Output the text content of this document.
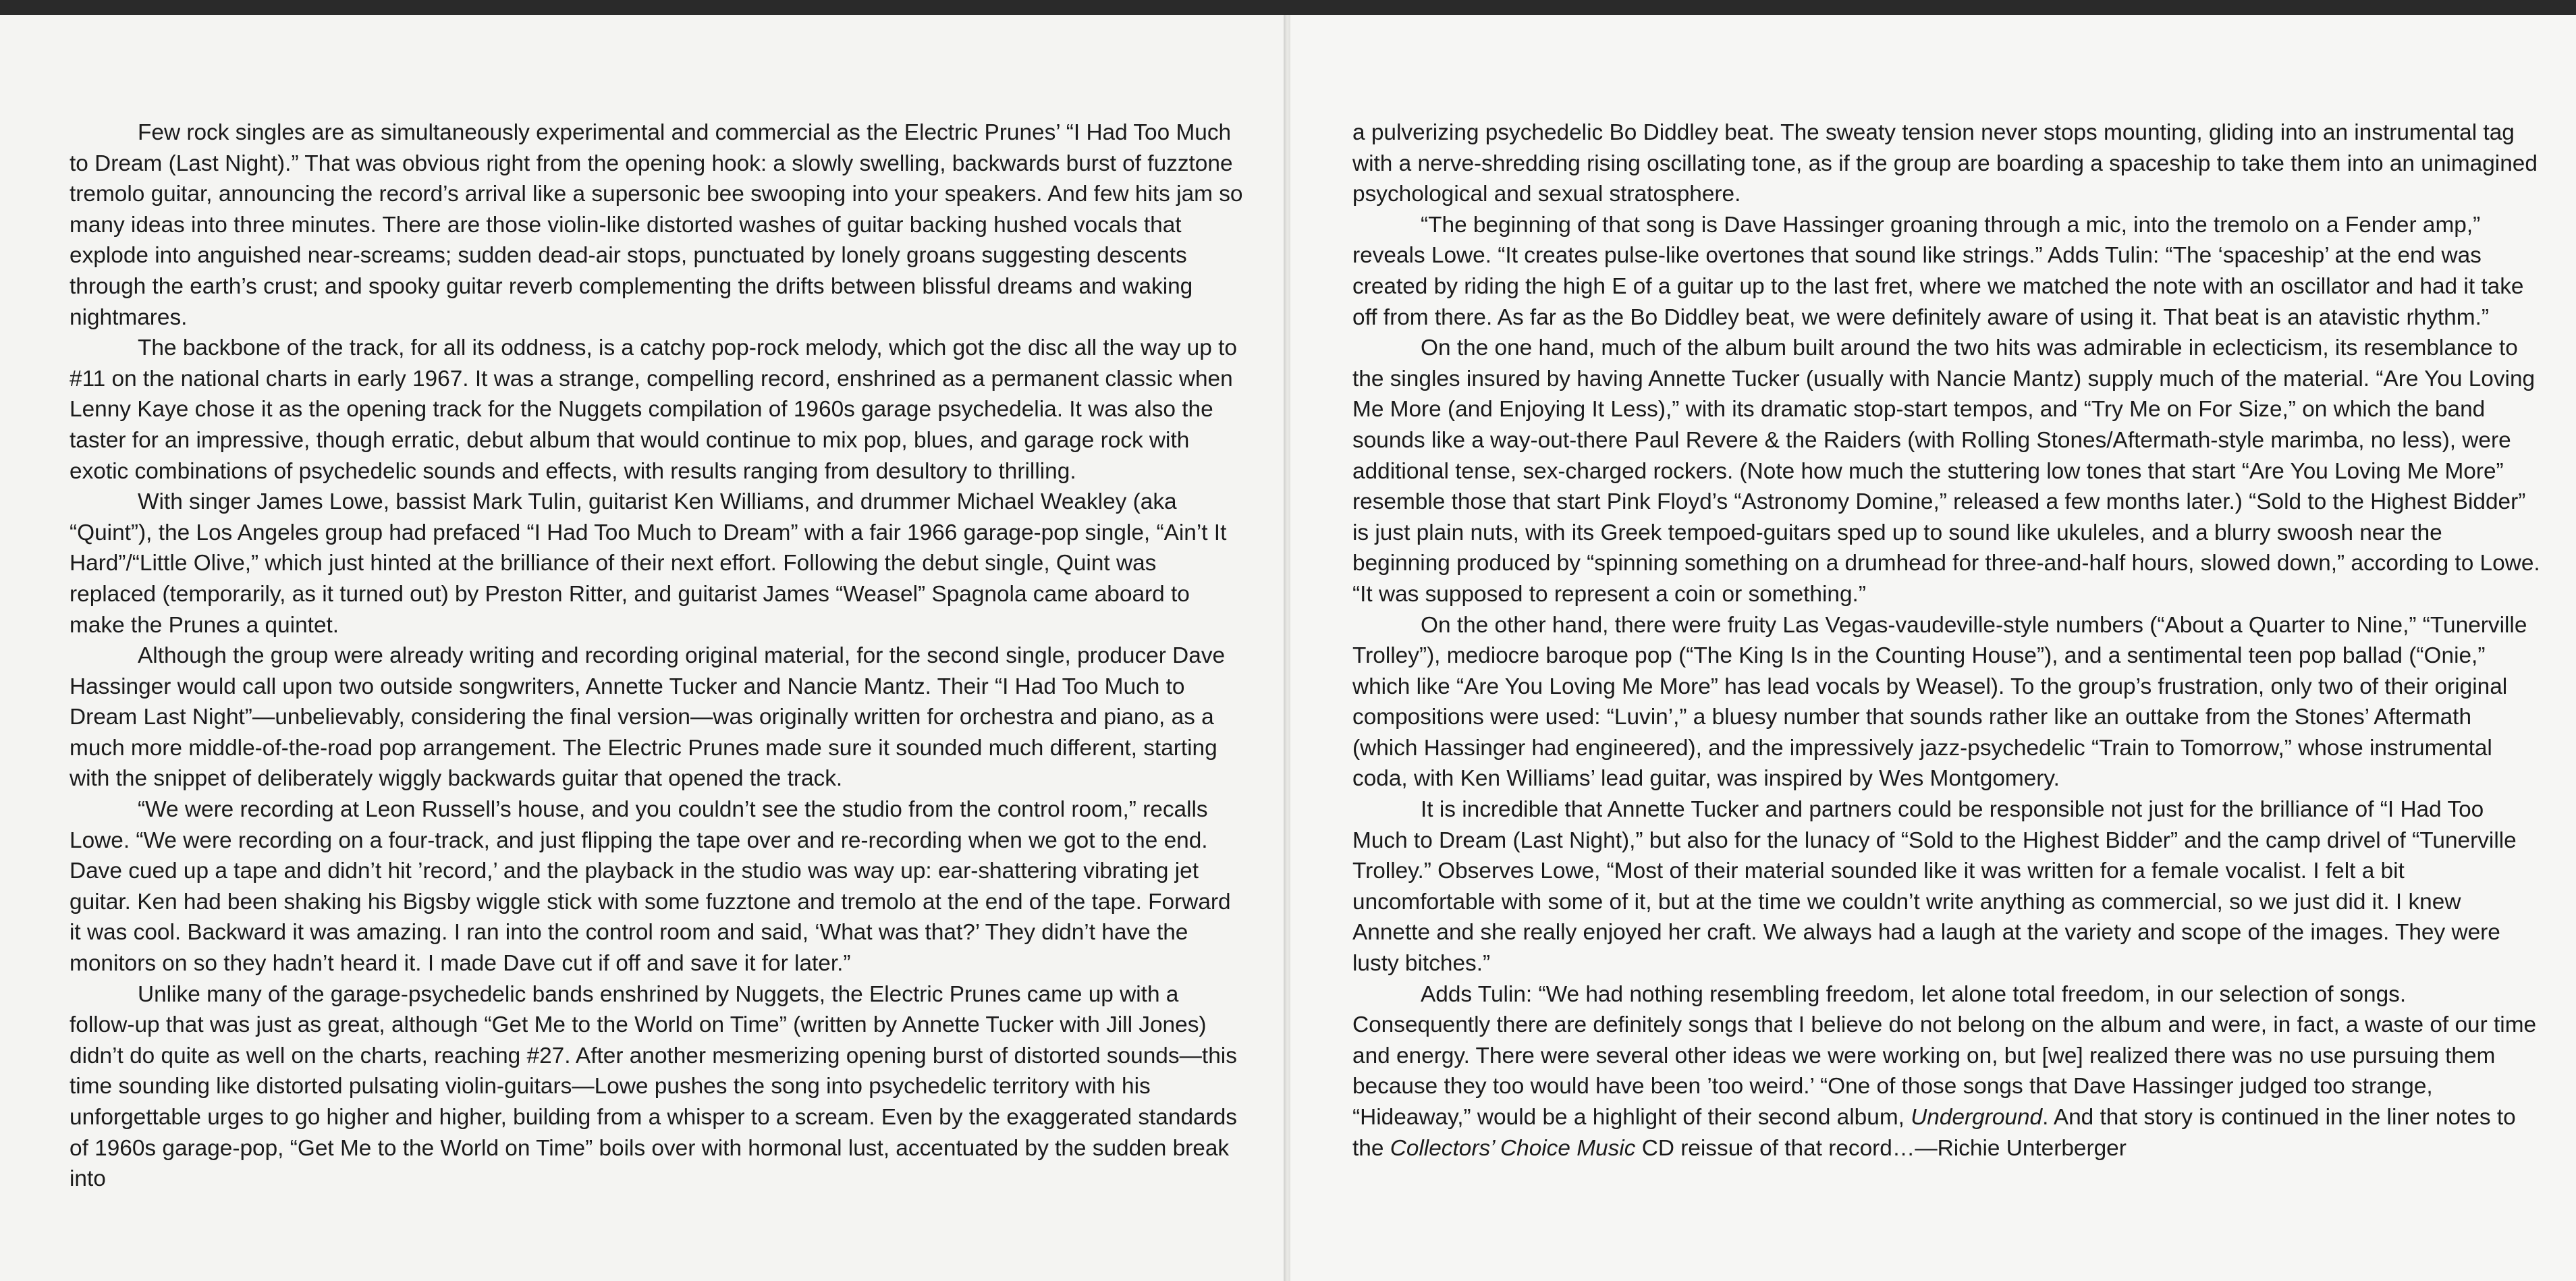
Few rock singles are as simultaneously experimental and commercial as the Electric Prunes’ “I Had Too Much to Dream (Last Night).” That was obvious right from the opening hook: a slowly swelling, backwards burst of fuzztone tremolo guitar, announcing the record’s arrival like a supersonic bee swooping into your speakers. And few hits jam so many ideas into three minutes. There are those violin-like distorted washes of guitar backing hushed vocals that explode into anguished near-screams; sudden dead-air stops, punctuated by lonely groans suggesting descents through the earth’s crust; and spooky guitar reverb complementing the drifts between blissful dreams and waking nightmares.

The backbone of the track, for all its oddness, is a catchy pop-rock melody, which got the disc all the way up to #11 on the national charts in early 1967. It was a strange, compelling record, enshrined as a permanent classic when Lenny Kaye chose it as the opening track for the Nuggets compilation of 1960s garage psychedelia. It was also the taster for an impressive, though erratic, debut album that would continue to mix pop, blues, and garage rock with exotic combinations of psychedelic sounds and effects, with results ranging from desultory to thrilling.

With singer James Lowe, bassist Mark Tulin, guitarist Ken Williams, and drummer Michael Weakley (aka “Quint”), the Los Angeles group had prefaced “I Had Too Much to Dream” with a fair 1966 garage-pop single, “Ain’t It Hard”/“Little Olive,” which just hinted at the brilliance of their next effort. Following the debut single, Quint was replaced (temporarily, as it turned out) by Preston Ritter, and guitarist James “Weasel” Spagnola came aboard to make the Prunes a quintet.

Although the group were already writing and recording original material, for the second single, producer Dave Hassinger would call upon two outside songwriters, Annette Tucker and Nancie Mantz. Their “I Had Too Much to Dream Last Night”—unbelievably, considering the final version—was originally written for orchestra and piano, as a much more middle-of-the-road pop arrangement. The Electric Prunes made sure it sounded much different, starting with the snippet of deliberately wiggly backwards guitar that opened the track.

“We were recording at Leon Russell’s house, and you couldn’t see the studio from the control room,” recalls Lowe. “We were recording on a four-track, and just flipping the tape over and re-recording when we got to the end. Dave cued up a tape and didn’t hit ’record,’ and the playback in the studio was way up: ear-shattering vibrating jet guitar. Ken had been shaking his Bigsby wiggle stick with some fuzztone and tremolo at the end of the tape. Forward it was cool. Backward it was amazing. I ran into the control room and said, ‘What was that?’ They didn’t have the monitors on so they hadn’t heard it. I made Dave cut if off and save it for later.”

Unlike many of the garage-psychedelic bands enshrined by Nuggets, the Electric Prunes came up with a follow-up that was just as great, although “Get Me to the World on Time” (written by Annette Tucker with Jill Jones) didn’t do quite as well on the charts, reaching #27. After another mesmerizing opening burst of distorted sounds—this time sounding like distorted pulsating violin-guitars—Lowe pushes the song into psychedelic territory with his unforgettable urges to go higher and higher, building from a whisper to a scream. Even by the exaggerated standards of 1960s garage-pop, “Get Me to the World on Time” boils over with hormonal lust, accentuated by the sudden break into

a pulverizing psychedelic Bo Diddley beat. The sweaty tension never stops mounting, gliding into an instrumental tag with a nerve-shredding rising oscillating tone, as if the group are boarding a spaceship to take them into an unimagined psychological and sexual stratosphere.

“The beginning of that song is Dave Hassinger groaning through a mic, into the tremolo on a Fender amp,” reveals Lowe. “It creates pulse-like overtones that sound like strings.” Adds Tulin: “The ‘spaceship’ at the end was created by riding the high E of a guitar up to the last fret, where we matched the note with an oscillator and had it take off from there. As far as the Bo Diddley beat, we were definitely aware of using it. That beat is an atavistic rhythm.”

On the one hand, much of the album built around the two hits was admirable in eclecticism, its resemblance to the singles insured by having Annette Tucker (usually with Nancie Mantz) supply much of the material. “Are You Loving Me More (and Enjoying It Less),” with its dramatic stop-start tempos, and “Try Me on For Size,” on which the band sounds like a way-out-there Paul Revere & the Raiders (with Rolling Stones/Aftermath-style marimba, no less), were additional tense, sex-charged rockers. (Note how much the stuttering low tones that start “Are You Loving Me More” resemble those that start Pink Floyd’s “Astronomy Domine,” released a few months later.) “Sold to the Highest Bidder” is just plain nuts, with its Greek tempoed-guitars sped up to sound like ukuleles, and a blurry swoosh near the beginning produced by “spinning something on a drumhead for three-and-half hours, slowed down,” according to Lowe. “It was supposed to represent a coin or something.”

On the other hand, there were fruity Las Vegas-vaudeville-style numbers (“About a Quarter to Nine,” “Tunerville Trolley”), mediocre baroque pop (“The King Is in the Counting House”), and a sentimental teen pop ballad (“Onie,” which like “Are You Loving Me More” has lead vocals by Weasel). To the group’s frustration, only two of their original compositions were used: “Luvin’,” a bluesy number that sounds rather like an outtake from the Stones’ Aftermath (which Hassinger had engineered), and the impressively jazz-psychedelic “Train to Tomorrow,” whose instrumental coda, with Ken Williams’ lead guitar, was inspired by Wes Montgomery.

It is incredible that Annette Tucker and partners could be responsible not just for the brilliance of “I Had Too Much to Dream (Last Night),” but also for the lunacy of “Sold to the Highest Bidder” and the camp drivel of “Tunerville Trolley.” Observes Lowe, “Most of their material sounded like it was written for a female vocalist. I felt a bit uncomfortable with some of it, but at the time we couldn’t write anything as commercial, so we just did it. I knew Annette and she really enjoyed her craft. We always had a laugh at the variety and scope of the images. They were lusty bitches.”

Adds Tulin: “We had nothing resembling freedom, let alone total freedom, in our selection of songs. Consequently there are definitely songs that I believe do not belong on the album and were, in fact, a waste of our time and energy. There were several other ideas we were working on, but [we] realized there was no use pursuing them because they too would have been ’too weird.’ “One of those songs that Dave Hassinger judged too strange, “Hideaway,” would be a highlight of their second album, Underground. And that story is continued in the liner notes to the Collectors’ Choice Music CD reissue of that record…—Richie Unterberger
